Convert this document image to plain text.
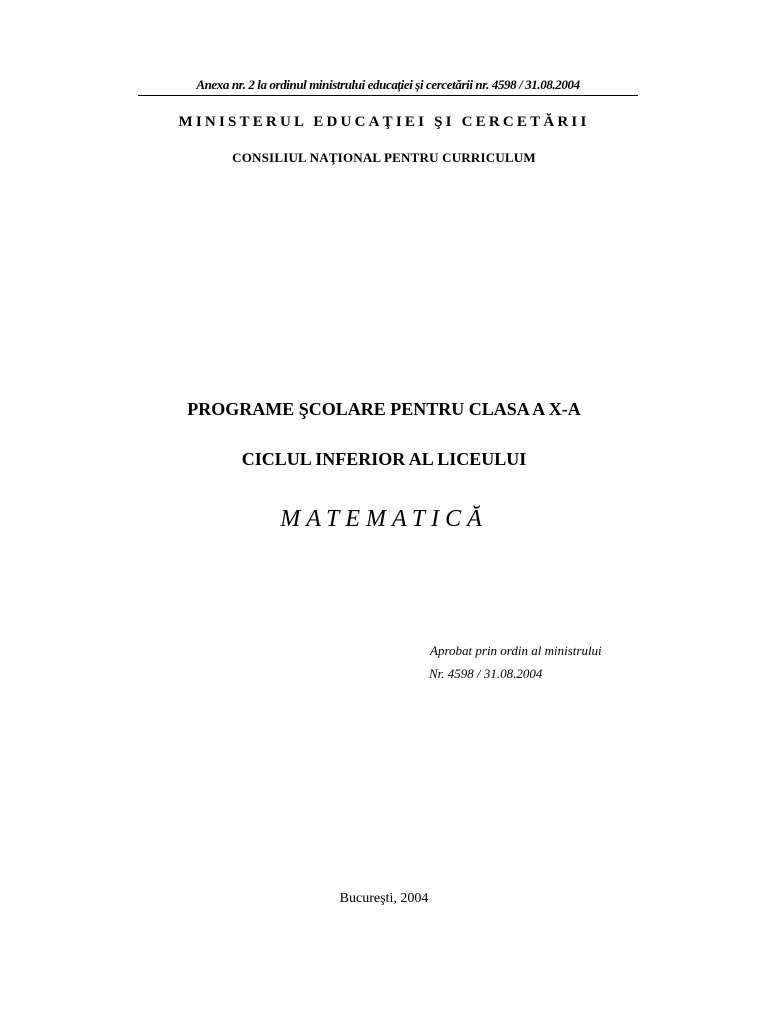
Anexa nr. 2 la ordinul ministrului educaţiei şi cercetării nr. 4598 / 31.08.2004
MINISTERUL EDUCAŢIEI ŞI CERCETĂRII
CONSILIUL NAŢIONAL PENTRU CURRICULUM
PROGRAME ŞCOLARE PENTRU CLASA A X-A
CICLUL INFERIOR AL LICEULUI
MATEMATICĂ
Aprobat prin ordin al ministrului
Nr. 4598 / 31.08.2004
Bucureşti, 2004
